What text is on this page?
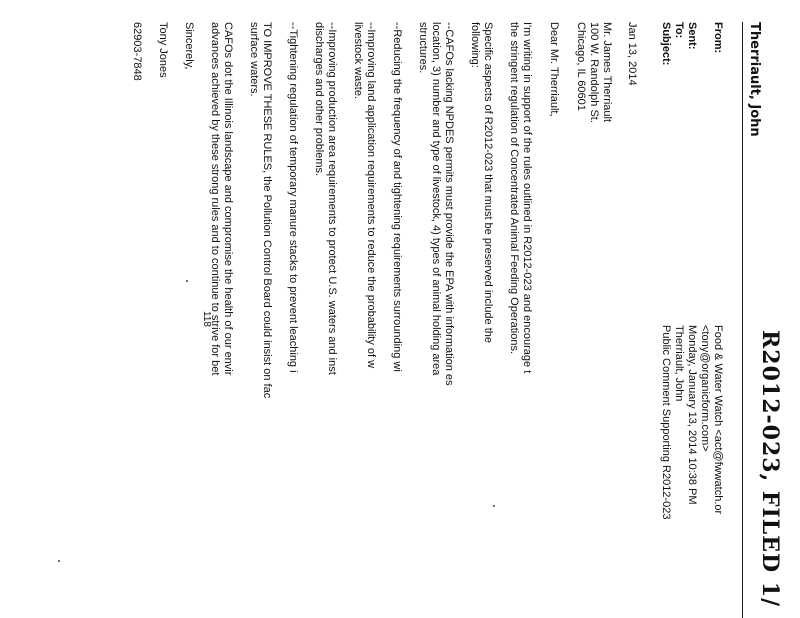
R2012-023, FILED 1/
Therriault, John
From:
Food & Water Watch <act@fwwatch.or
<tony@organicform.com>
Sent:
Monday, January 13, 2014 10:38 PM
To:
Therriault, John
Subject:
Public Comment Supporting R2012-023
Jan 13, 2014
Mr. James Therriault
100 W. Randolph St.
Chicago, IL 60601
Dear Mr. Therriault,
I'm writing in support of the rules outlined in R2012-023 and encourage t
the stringent regulation of Concentrated Animal Feeding Operations.
Specific aspects of R2012-023 that must be preserved include the
following:
--CAFOs lacking NPDES permits must provide the EPA with information es
location, 3) number and type of livestock, 4) types of animal holding area
structures.
--Reducing the frequency of and tightening requirements surrounding wi
--Improving land application requirements to reduce the probability of w
livestock waste.
--Improving production area requirements to protect U.S. waters and inst
discharges and other problems.
--Tightening regulation of temporary manure stacks to prevent leaching i
TO IMPROVE THESE RULES, the Pollution Control Board could insist on fac
surface waters.
CAFOs dot the Illinois landscape and compromise the health of our envir
advances achieved by these strong rules and to continue to strive for bet
Sincerely,
Tony Jones
62903-7848
118
